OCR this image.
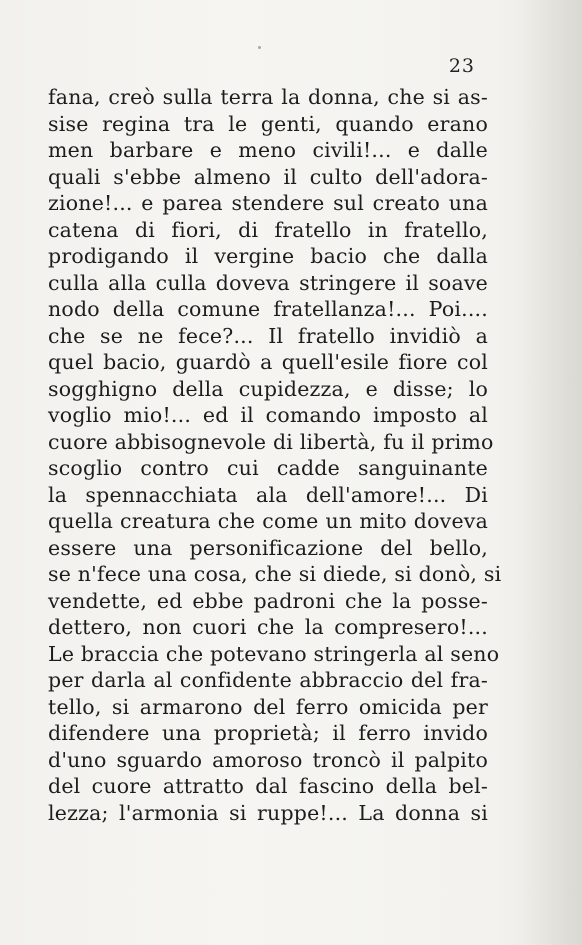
23
fana, creò sulla terra la donna, che si as-
sise regina tra le genti, quando erano
men barbare e meno civili!... e dalle
quali s'ebbe almeno il culto dell'adora-
zione!... e parea stendere sul creato una
catena di fiori, di fratello in fratello,
prodigando il vergine bacio che dalla
culla alla culla doveva stringere il soave
nodo della comune fratellanza!... Poi....
che se ne fece?... Il fratello invidiò a
quel bacio, guardò a quell'esile fiore col
sogghigno della cupidezza, e disse; lo
voglio mio!... ed il comando imposto al
cuore abbisognevole di libertà, fu il primo
scoglio contro cui cadde sanguinante
la spennacchiata ala dell'amore!... Di
quella creatura che come un mito doveva
essere una personificazione del bello,
se n'fece una cosa, che si diede, si donò, si
vendette, ed ebbe padroni che la posse-
dettero, non cuori che la compresero!...
Le braccia che potevano stringerla al seno
per darla al confidente abbraccio del fra-
tello, si armarono del ferro omicida per
difendere una proprietà; il ferro invido
d'uno sguardo amoroso troncò il palpito
del cuore attratto dal fascino della bel-
lezza; l'armonia si ruppe!... La donna si
